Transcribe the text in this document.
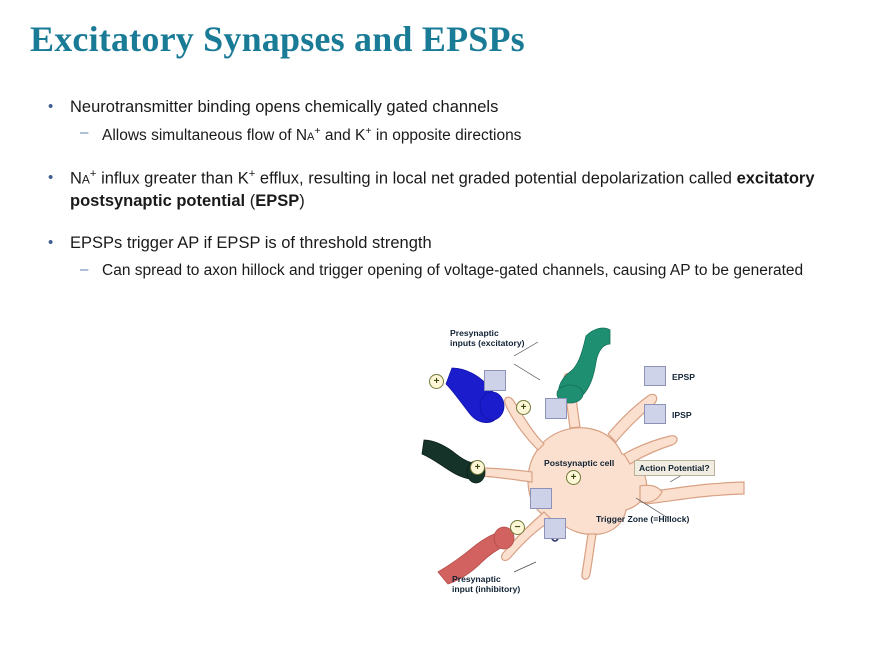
Excitatory Synapses and EPSPs
• Neurotransmitter binding opens chemically gated channels
– Allows simultaneous flow of Na+ and K+ in opposite directions
• Na+ influx greater than K+ efflux, resulting in local net graded potential depolarization called excitatory postsynaptic potential (EPSP)
• EPSPs trigger AP if EPSP is of threshold strength
– Can spread to axon hillock and trigger opening of voltage-gated channels, causing AP to be generated
EPSP
IPSP
+
+
+
+
−
Presynaptic
inputs (excitatory)
Presynaptic
input (inhibitory)
Postsynaptic cell	Action Potential?
Trigger Zone (=Hillock)
